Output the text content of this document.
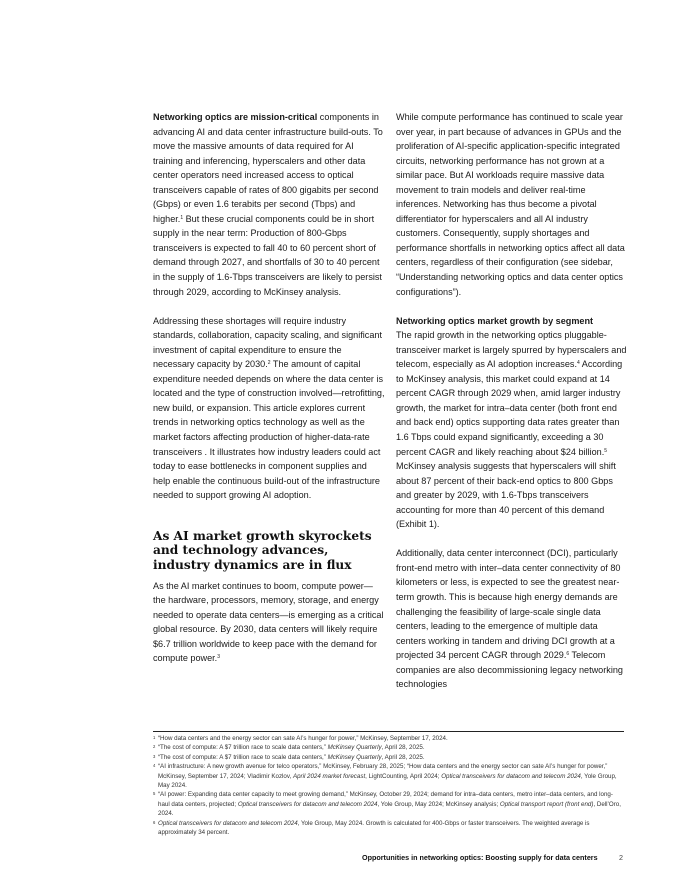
Networking optics are mission-critical components in advancing AI and data center infrastructure build-outs. To move the massive amounts of data required for AI training and inferencing, hyperscalers and other data center operators need increased access to optical transceivers capable of rates of 800 gigabits per second (Gbps) or even 1.6 terabits per second (Tbps) and higher.$^1$ But these crucial components could be in short supply in the near term: Production of 800-Gbps transceivers is expected to fall 40 to 60 percent short of demand through 2027, and shortfalls of 30 to 40 percent in the supply of 1.6-Tbps transceivers are likely to persist through 2029, according to McKinsey analysis.

Addressing these shortages will require industry standards, collaboration, capacity scaling, and significant investment of capital expenditure to ensure the necessary capacity by 2030.$^2$ The amount of capital expenditure needed depends on where the data center is located and the type of construction involved—retrofitting, new build, or expansion. This article explores current trends in networking optics technology as well as the market factors affecting production of higher-data-rate transceivers . It illustrates how industry leaders could act today to ease bottlenecks in component supplies and help enable the continuous build-out of the infrastructure needed to support growing AI adoption.

As AI market growth skyrockets and technology advances, industry dynamics are in flux

As the AI market continues to boom, compute power—the hardware, processors, memory, storage, and energy needed to operate data centers—is emerging as a critical global resource. By 2030, data centers will likely require $6.7 trillion worldwide to keep pace with the demand for compute power.$^3$

While compute performance has continued to scale year over year, in part because of advances in GPUs and the proliferation of AI-specific application-specific integrated circuits, networking performance has not grown at a similar pace. But AI workloads require massive data movement to train models and deliver real-time inferences. Networking has thus become a pivotal differentiator for hyperscalers and all AI industry customers. Consequently, supply shortages and performance shortfalls in networking optics affect all data centers, regardless of their configuration (see sidebar, “Understanding networking optics and data center optics configurations”).

Networking optics market growth by segment
The rapid growth in the networking optics pluggable-transceiver market is largely spurred by hyperscalers and telecom, especially as AI adoption increases.$^4$ According to McKinsey analysis, this market could expand at 14 percent CAGR through 2029 when, amid larger industry growth, the market for intra–data center (both front end and back end) optics supporting data rates greater than 1.6 Tbps could expand significantly, exceeding a 30 percent CAGR and likely reaching about $24 billion.$^5$ McKinsey analysis suggests that hyperscalers will shift about 87 percent of their back-end optics to 800 Gbps and greater by 2029, with 1.6-Tbps transceivers accounting for more than 40 percent of this demand (Exhibit 1).

Additionally, data center interconnect (DCI), particularly front-end metro with inter–data center connectivity of 80 kilometers or less, is expected to see the greatest near-term growth. This is because high energy demands are challenging the feasibility of large-scale single data centers, leading to the emergence of multiple data centers working in tandem and driving DCI growth at a projected 34 percent CAGR through 2029.$^6$ Telecom companies are also decommissioning legacy networking technologies

1 “How data centers and the energy sector can sate AI’s hunger for power,” McKinsey, September 17, 2024.
2 “The cost of compute: A $7 trillion race to scale data centers,” McKinsey Quarterly, April 28, 2025.
3 “The cost of compute: A $7 trillion race to scale data centers,” McKinsey Quarterly, April 28, 2025.
4 “AI infrastructure: A new growth avenue for telco operators,” McKinsey, February 28, 2025; “How data centers and the energy sector can sate AI’s hunger for power,” McKinsey, September 17, 2024; Vladimir Kozlov, April 2024 market forecast, LightCounting, April 2024; Optical transceivers for datacom and telecom 2024, Yole Group, May 2024.
5 “AI power: Expanding data center capacity to meet growing demand,” McKinsey, October 29, 2024; demand for intra–data centers, metro inter–data centers, and long-haul data centers, projected; Optical transceivers for datacom and telecom 2024, Yole Group, May 2024; McKinsey analysis; Optical transport report (front end), Dell’Oro, 2024.
6 Optical transceivers for datacom and telecom 2024, Yole Group, May 2024. Growth is calculated for 400-Gbps or faster transceivers. The weighted average is approximately 34 percent.
Opportunities in networking optics: Boosting supply for data centers	2
